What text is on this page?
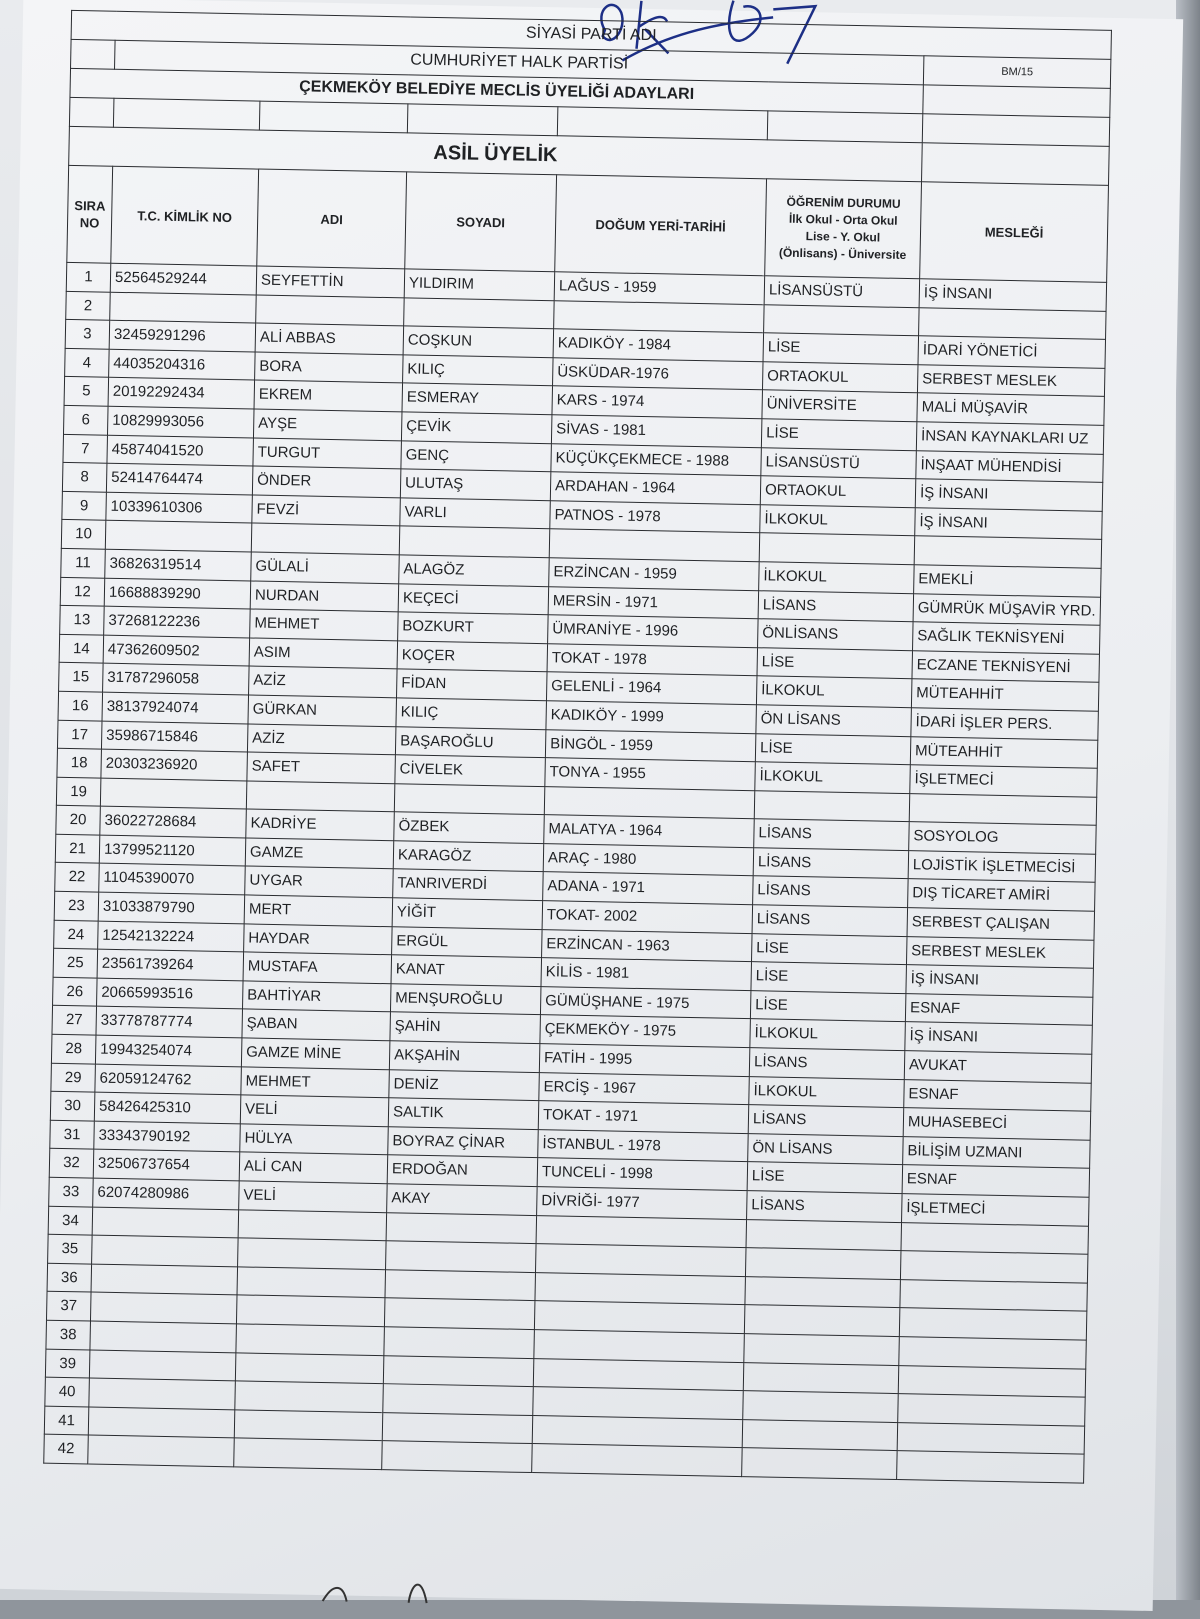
SİYASİ PARTİ ADI						
	CUMHURİYET HALK PARTİSİ					BM/15
ÇEKMEKÖY BELEDİYE MECLİS ÜYELİĞİ ADAYLARI						

ASİL ÜYELİK						
SIRA
NO	T.C. KİMLİK NO	ADI	SOYADI	DOĞUM YERİ-TARİHİ	ÖĞRENİM DURUMU
İlk Okul - Orta Okul
Lise - Y. Okul
(Önlisans) - Üniversite	MESLEĞİ
1	52564529244	SEYFETTİN	YILDIRIM	LAĞUS - 1959	LİSANSÜSTÜ	İŞ İNSANI
2						
3	32459291296	ALİ ABBAS	COŞKUN	KADIKÖY - 1984	LİSE	İDARİ YÖNETİCİ
4	44035204316	BORA	KILIÇ	ÜSKÜDAR-1976	ORTAOKUL	SERBEST MESLEK
5	20192292434	EKREM	ESMERAY	KARS - 1974	ÜNİVERSİTE	MALİ MÜŞAVİR
6	10829993056	AYŞE	ÇEVİK	SİVAS - 1981	LİSE	İNSAN KAYNAKLARI UZ
7	45874041520	TURGUT	GENÇ	KÜÇÜKÇEKMECE - 1988	LİSANSÜSTÜ	İNŞAAT MÜHENDİSİ
8	52414764474	ÖNDER	ULUTAŞ	ARDAHAN - 1964	ORTAOKUL	İŞ İNSANI
9	10339610306	FEVZİ	VARLI	PATNOS - 1978	İLKOKUL	İŞ İNSANI
10						
11	36826319514	GÜLALİ	ALAGÖZ	ERZİNCAN - 1959	İLKOKUL	EMEKLİ
12	16688839290	NURDAN	KEÇECİ	MERSİN - 1971	LİSANS	GÜMRÜK MÜŞAVİR YRD.
13	37268122236	MEHMET	BOZKURT	ÜMRANİYE - 1996	ÖNLİSANS	SAĞLIK TEKNİSYENİ
14	47362609502	ASIM	KOÇER	TOKAT - 1978	LİSE	ECZANE TEKNİSYENİ
15	31787296058	AZİZ	FİDAN	GELENLİ - 1964	İLKOKUL	MÜTEAHHİT
16	38137924074	GÜRKAN	KILIÇ	KADIKÖY - 1999	ÖN LİSANS	İDARİ İŞLER PERS.
17	35986715846	AZİZ	BAŞAROĞLU	BİNGÖL - 1959	LİSE	MÜTEAHHİT
18	20303236920	SAFET	CİVELEK	TONYA - 1955	İLKOKUL	İŞLETMECİ
19						
20	36022728684	KADRİYE	ÖZBEK	MALATYA - 1964	LİSANS	SOSYOLOG
21	13799521120	GAMZE	KARAGÖZ	ARAÇ - 1980	LİSANS	LOJİSTİK İŞLETMECİSİ
22	11045390070	UYGAR	TANRIVERDİ	ADANA - 1971	LİSANS	DIŞ TİCARET AMİRİ
23	31033879790	MERT	YİĞİT	TOKAT- 2002	LİSANS	SERBEST ÇALIŞAN
24	12542132224	HAYDAR	ERGÜL	ERZİNCAN - 1963	LİSE	SERBEST MESLEK
25	23561739264	MUSTAFA	KANAT	KİLİS - 1981	LİSE	İŞ İNSANI
26	20665993516	BAHTİYAR	MENŞUROĞLU	GÜMÜŞHANE - 1975	LİSE	ESNAF
27	33778787774	ŞABAN	ŞAHİN	ÇEKMEKÖY - 1975	İLKOKUL	İŞ İNSANI
28	19943254074	GAMZE MİNE	AKŞAHİN	FATİH - 1995	LİSANS	AVUKAT
29	62059124762	MEHMET	DENİZ	ERCİŞ - 1967	İLKOKUL	ESNAF
30	58426425310	VELİ	SALTIK	TOKAT - 1971	LİSANS	MUHASEBECİ
31	33343790192	HÜLYA	BOYRAZ ÇİNAR	İSTANBUL - 1978	ÖN LİSANS	BİLİŞİM UZMANI
32	32506737654	ALİ CAN	ERDOĞAN	TUNCELİ - 1998	LİSE	ESNAF
33	62074280986	VELİ	AKAY	DİVRİĞİ- 1977	LİSANS	İŞLETMECİ
34						
35						
36						
37						
38						
39						
40						
41						
42						
